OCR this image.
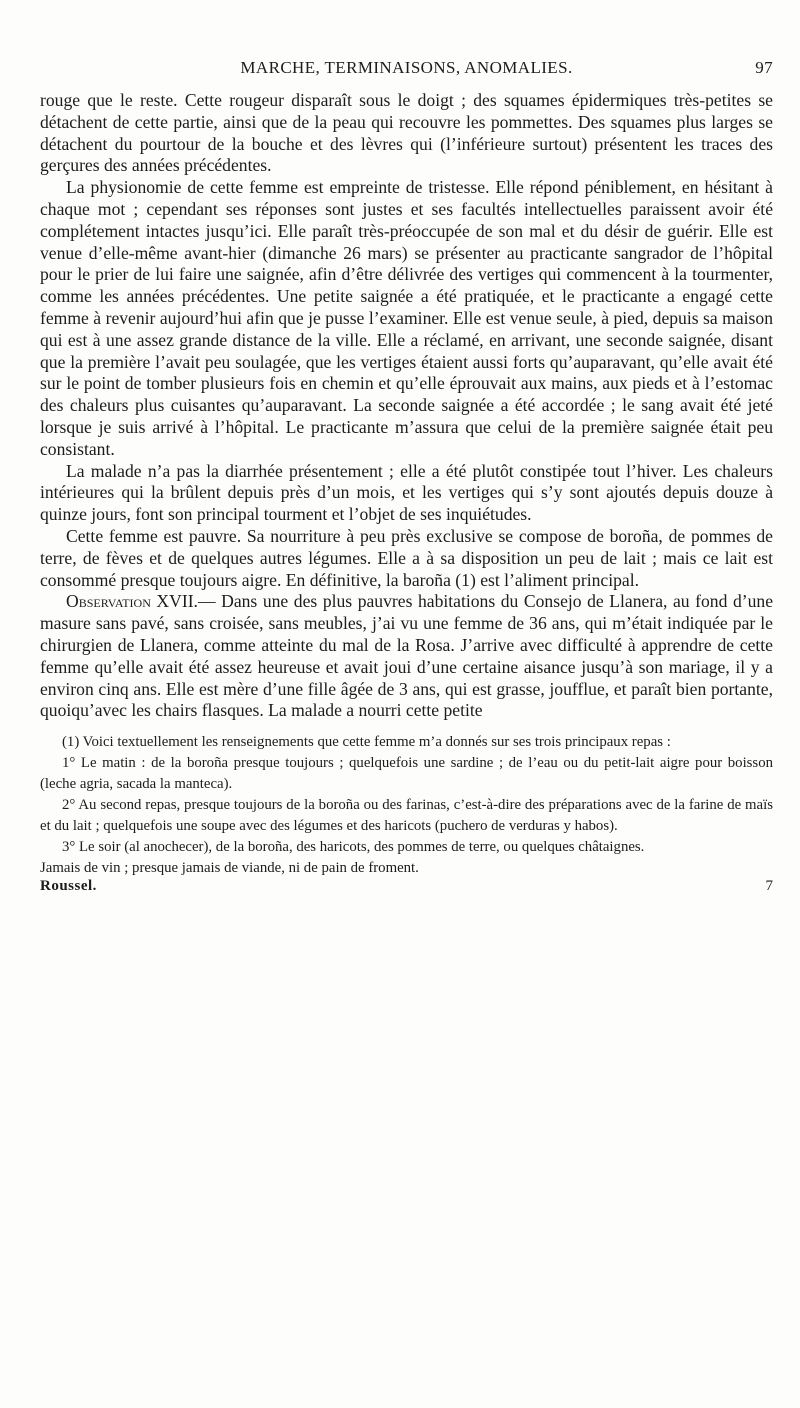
MARCHE, TERMINAISONS, ANOMALIES.	97

rouge que le reste. Cette rougeur disparaît sous le doigt ; des squames épidermiques très-petites se détachent de cette partie, ainsi que de la peau qui recouvre les pommettes. Des squames plus larges se détachent du pourtour de la bouche et des lèvres qui (l’inférieure surtout) présentent les traces des gerçures des années précédentes.

La physionomie de cette femme est empreinte de tristesse. Elle répond péniblement, en hésitant à chaque mot ; cependant ses réponses sont justes et ses facultés intellectuelles paraissent avoir été complétement intactes jusqu’ici. Elle paraît très-préoccupée de son mal et du désir de guérir. Elle est venue d’elle-même avant-hier (dimanche 26 mars) se présenter au practicante sangrador de l’hôpital pour le prier de lui faire une saignée, afin d’être délivrée des vertiges qui commencent à la tourmenter, comme les années précédentes. Une petite saignée a été pratiquée, et le practicante a engagé cette femme à revenir aujourd’hui afin que je pusse l’examiner. Elle est venue seule, à pied, depuis sa maison qui est à une assez grande distance de la ville. Elle a réclamé, en arrivant, une seconde saignée, disant que la première l’avait peu soulagée, que les vertiges étaient aussi forts qu’auparavant, qu’elle avait été sur le point de tomber plusieurs fois en chemin et qu’elle éprouvait aux mains, aux pieds et à l’estomac des chaleurs plus cuisantes qu’auparavant. La seconde saignée a été accordée ; le sang avait été jeté lorsque je suis arrivé à l’hôpital. Le practicante m’assura que celui de la première saignée était peu consistant.

La malade n’a pas la diarrhée présentement ; elle a été plutôt constipée tout l’hiver. Les chaleurs intérieures qui la brûlent depuis près d’un mois, et les vertiges qui s’y sont ajoutés depuis douze à quinze jours, font son principal tourment et l’objet de ses inquiétudes.

Cette femme est pauvre. Sa nourriture à peu près exclusive se compose de boroña, de pommes de terre, de fèves et de quelques autres légumes. Elle a à sa disposition un peu de lait ; mais ce lait est consommé presque toujours aigre. En définitive, la baroña (1) est l’aliment principal.

Observation XVII.— Dans une des plus pauvres habitations du Consejo de Llanera, au fond d’une masure sans pavé, sans croisée, sans meubles, j’ai vu une femme de 36 ans, qui m’était indiquée par le chirurgien de Llanera, comme atteinte du mal de la Rosa. J’arrive avec difficulté à apprendre de cette femme qu’elle avait été assez heureuse et avait joui d’une certaine aisance jusqu’à son mariage, il y a environ cinq ans. Elle est mère d’une fille âgée de 3 ans, qui est grasse, joufflue, et paraît bien portante, quoiqu’avec les chairs flasques. La malade a nourri cette petite

(1) Voici textuellement les renseignements que cette femme m’a donnés sur ses trois principaux repas :

1° Le matin : de la boroña presque toujours ; quelquefois une sardine ; de l’eau ou du petit-lait aigre pour boisson (leche agria, sacada la manteca).

2° Au second repas, presque toujours de la boroña ou des farinas, c’est-à-dire des préparations avec de la farine de maïs et du lait ; quelquefois une soupe avec des légumes et des haricots (puchero de verduras y habos).

3° Le soir (al anochecer), de la boroña, des haricots, des pommes de terre, ou quelques châtaignes.

Jamais de vin ; presque jamais de viande, ni de pain de froment.

Roussel.	7
